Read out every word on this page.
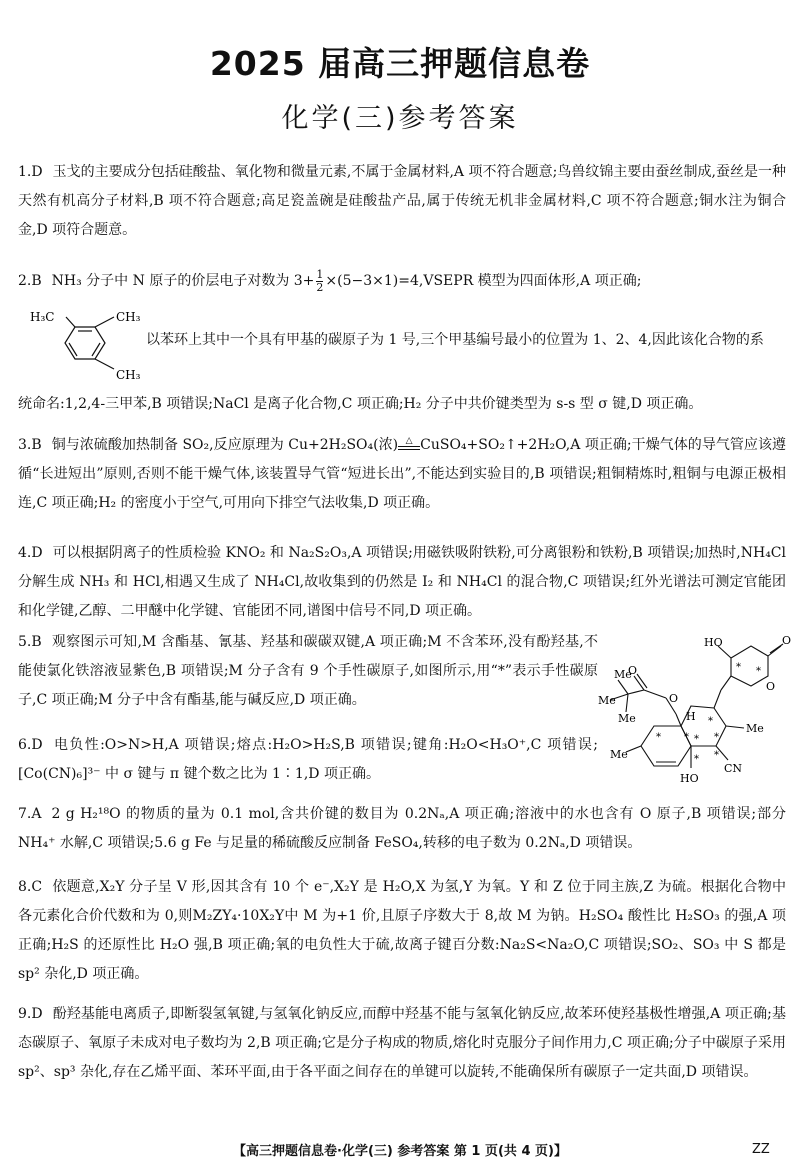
2025 届高三押题信息卷
化学(三)参考答案
1.D 玉戈的主要成分包括硅酸盐、氧化物和微量元素,不属于金属材料,A 项不符合题意;鸟兽纹锦主要由蚕丝制成,蚕丝是一种天然有机高分子材料,B 项不符合题意;高足瓷盖碗是硅酸盐产品,属于传统无机非金属材料,C 项不符合题意;铜水注为铜合金,D 项符合题意。
2.B NH₃ 分子中 N 原子的价层电子对数为 $3+ \frac{1}{2}$ ×(5−3×1)=4,VSEPR 模型为四面体形,A 项正确;
H₃C	CH₃
CH₃
以苯环上其中一个具有甲基的碳原子为 1 号,三个甲基编号最小的位置为 1、2、4,因此该化合物的系
统命名:1,2,4-三甲苯,B 项错误;NaCl 是离子化合物,C 项正确;H₂ 分子中共价键类型为 s-s 型 σ 键,D 项正确。
3.B 铜与浓硫酸加热制备 SO₂,反应原理为 Cu+2H₂SO₄(浓) △ CuSO₄+SO₂↑+2H₂O,A 项正确;干燥气体的导气管应该遵循“长进短出”原则,否则不能干燥气体,该装置导气管“短进长出”,不能达到实验目的,B 项错误;粗铜精炼时,粗铜与电源正极相连,C 项正确;H₂ 的密度小于空气,可用向下排空气法收集,D 项正确。
4.D 可以根据阴离子的性质检验 KNO₂ 和 Na₂S₂O₃,A 项错误;用磁铁吸附铁粉,可分离银粉和铁粉,B 项错误;加热时,NH₄Cl 分解生成 NH₃ 和 HCl,相遇又生成了 NH₄Cl,故收集到的仍然是 I₂ 和 NH₄Cl 的混合物,C 项错误;红外光谱法可测定官能团和化学键,乙醇、二甲醚中化学键、官能团不同,谱图中信号不同,D 项正确。
5.B 观察图示可知,M 含酯基、氰基、羟基和碳碳双键,A 项正确;M 不含苯环,没有酚羟基,不能使氯化铁溶液显紫色,B 项错误;M 分子含有 9 个手性碳原子,如图所示,用“*”表示手性碳原子,C 项正确;M 分子中含有酯基,能与碱反应,D 项正确。
6.D 电负性:O>N>H,A 项错误;熔点:H₂O>H₂S,B 项错误;键角:H₂O<H₃O⁺,C 项错误;[Co(CN)₆]³⁻ 中 σ 键与 π 键个数之比为 1∶1,D 项正确。
HO	O
O
O
O
Me
Me
Me
Me
Me
H
HO
CN
* *
*
*
*
*
*
* *
7.A 2 g H₂¹⁸O 的物质的量为 0.1 mol,含共价键的数目为 0.2Nₐ,A 项正确;溶液中的水也含有 O 原子,B 项错误;部分 NH₄⁺ 水解,C 项错误;5.6 g Fe 与足量的稀硫酸反应制备 FeSO₄,转移的电子数为 0.2Nₐ,D 项错误。
8.C 依题意,X₂Y 分子呈 V 形,因其含有 10 个 e⁻,X₂Y 是 H₂O,X 为氢,Y 为氧。Y 和 Z 位于同主族,Z 为硫。根据化合物中各元素化合价代数和为 0,则M₂ZY₄·10X₂Y中 M 为+1 价,且原子序数大于 8,故 M 为钠。H₂SO₄ 酸性比 H₂SO₃ 的强,A 项正确;H₂S 的还原性比 H₂O 强,B 项正确;氧的电负性大于硫,故离子键百分数:Na₂S<Na₂O,C 项错误;SO₂、SO₃ 中 S 都是 sp² 杂化,D 项正确。
9.D 酚羟基能电离质子,即断裂氢氧键,与氢氧化钠反应,而醇中羟基不能与氢氧化钠反应,故苯环使羟基极性增强,A 项正确;基态碳原子、氧原子未成对电子数均为 2,B 项正确;它是分子构成的物质,熔化时克服分子间作用力,C 项正确;分子中碳原子采用 sp²、sp³ 杂化,存在乙烯平面、苯环平面,由于各平面之间存在的单键可以旋转,不能确保所有碳原子一定共面,D 项错误。
【高三押题信息卷·化学(三) 参考答案 第 1 页(共 4 页)】	ZZ
